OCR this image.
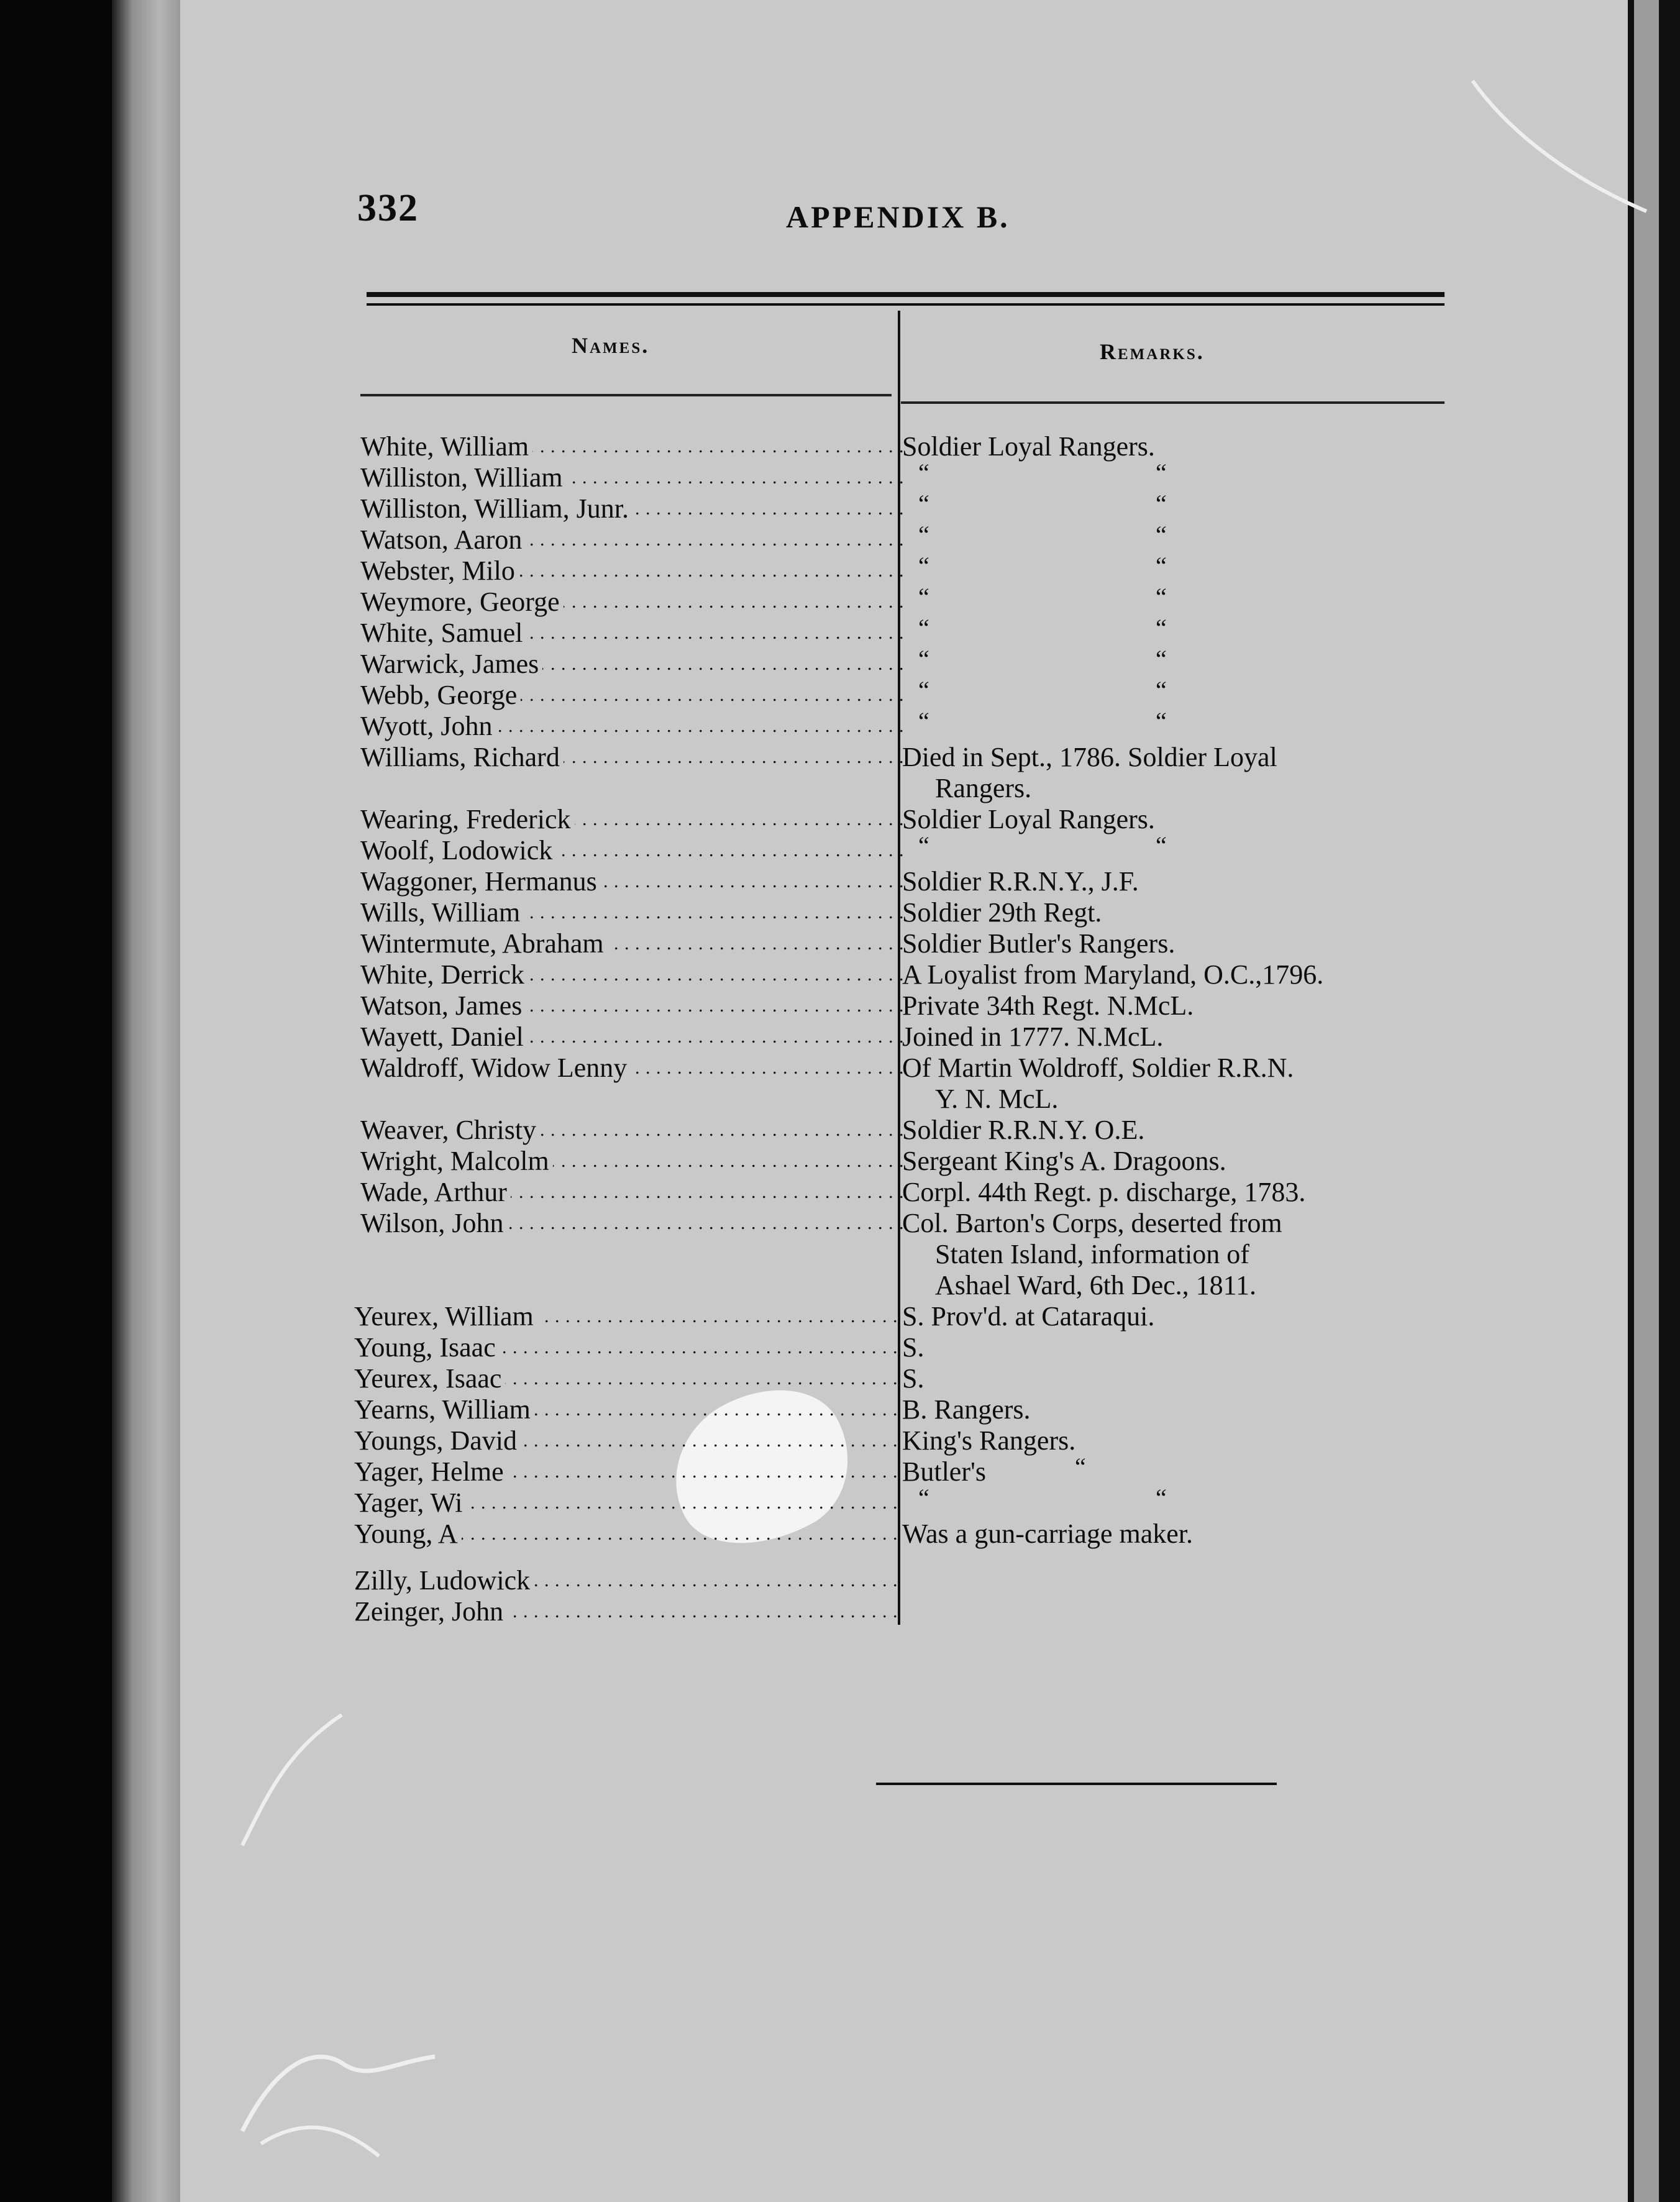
332	APPENDIX B.
Names.	Remarks.
White, William . . .	Soldier Loyal Rangers.
Williston, William . . .	“	“
Williston, William, Junr. . . .	“	“
Watson, Aaron . . .	“	“
Webster, Milo . . .	“	“
Weymore, George . . .	“	“
White, Samuel . . .	“	“
Warwick, James . . .	“	“
Webb, George . . .	“	“
Wyott, John . . .	“	“
Williams, Richard . . .	Died in Sept., 1786. Soldier Loyal
Rangers.
Wearing, Frederick . . .	Soldier Loyal Rangers.
Woolf, Lodowick . . .	“	“
Waggoner, Hermanus . . .	Soldier R.R.N.Y., J.F.
Wills, William . . .	Soldier 29th Regt.
Wintermute, Abraham . . .	Soldier Butler's Rangers.
White, Derrick . . .	A Loyalist from Maryland, O.C.,1796.
Watson, James . . .	Private 34th Regt. N.McL.
Wayett, Daniel . . .	Joined in 1777. N.McL.
Waldroff, Widow Lenny . . .	Of Martin Woldroff, Soldier R.R.N.
Y. N. McL.
Weaver, Christy . . .	Soldier R.R.N.Y. O.E.
Wright, Malcolm . . .	Sergeant King's A. Dragoons.
Wade, Arthur . . .	Corpl. 44th Regt. p. discharge, 1783.
Wilson, John . . .	Col. Barton's Corps, deserted from
Staten Island, information of
Ashael Ward, 6th Dec., 1811.
Yeurex, William . . .	S. Prov'd. at Cataraqui.
Young, Isaac . . .	S.
Yeurex, Isaac . . .	S.
Yearns, William . . .	B. Rangers.
Youngs, David . . .	King's Rangers.
Yager, Helme . . .	Butler's	“
Yager, Wi . . .	“	“
Young, A . . .	Was a gun-carriage maker.
Zilly, Ludowick . . .
Zeinger, John . . .
